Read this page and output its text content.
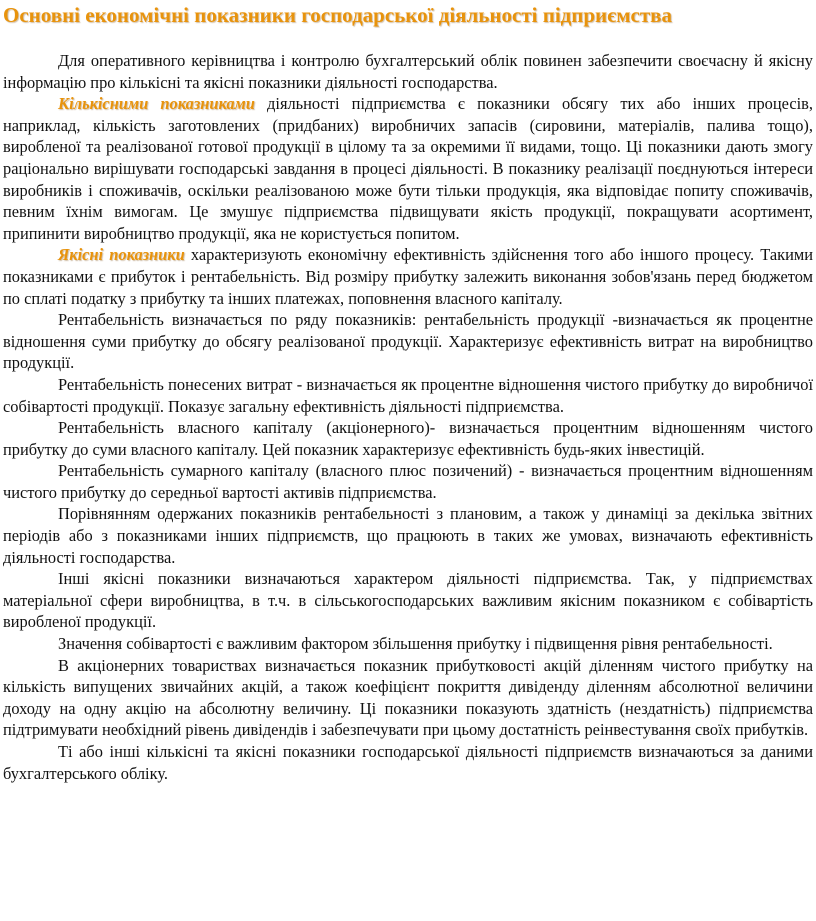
Основні економічні показники господарської діяльності підприємства

Для оперативного керівництва і контролю бухгалтерський облік повинен забезпечити своєчасну й якісну інформацію про кількісні та якісні показники діяльності господарства.

Кількісними показниками діяльності підприємства є показники обсягу тих або інших процесів, наприклад, кількість заготовлених (придбаних) виробничих запасів (сировини, матеріалів, палива тощо), виробленої та реалізованої готової продукції в цілому та за окремими її видами, тощо. Ці показники дають змогу раціонально вирішувати господарські завдання в процесі діяльності. В показнику реалізації поєднуються інтереси виробників і споживачів, оскільки реалізованою може бути тільки продукція, яка відповідає попиту споживачів, певним їхнім вимогам. Це змушує підприємства підвищувати якість продукції, покращувати асортимент, припинити виробництво продукції, яка не користується попитом.

Якісні показники характеризують економічну ефективність здійснення того або іншого процесу. Такими показниками є прибуток і рентабельність. Від розміру прибутку залежить виконання зобов'язань перед бюджетом по сплаті податку з прибутку та інших платежах, поповнення власного капіталу.

Рентабельність визначається по ряду показників: рентабельність продукції -визначається як процентне відношення суми прибутку до обсягу реалізованої продукції. Характеризує ефективність витрат на виробництво продукції.

Рентабельність понесених витрат - визначається як процентне відношення чистого прибутку до виробничої собівартості продукції. Показує загальну ефективність діяльності підприємства.

Рентабельність власного капіталу (акціонерного)- визначається процентним відношенням чистого прибутку до суми власного капіталу. Цей показник характеризує ефективність будь-яких інвестицій.

Рентабельність сумарного капіталу (власного плюс позичений) - визначається процентним відношенням чистого прибутку до середньої вартості активів підприємства.

Порівнянням одержаних показників рентабельності з плановим, а також у динаміці за декілька звітних періодів або з показниками інших підприємств, що працюють в таких же умовах, визначають ефективність діяльності господарства.

Інші якісні показники визначаються характером діяльності підприємства. Так, у підприємствах матеріальної сфери виробництва, в т.ч. в сільськогосподарських важливим якісним показником є собівартість виробленої продукції.

Значення собівартості є важливим фактором збільшення прибутку і підвищення рівня рентабельності.

В акціонерних товариствах визначається показник прибутковості акцій діленням чистого прибутку на кількість випущених звичайних акцій, а також коефіцієнт покриття дивіденду діленням абсолютної величини доходу на одну акцію на абсолютну величину. Ці показники показують здатність (нездатність) підприємства підтримувати необхідний рівень дивідендів і забезпечувати при цьому достатність реінвестування своїх прибутків.

Ті або інші кількісні та якісні показники господарської діяльності підприємств визначаються за даними бухгалтерського обліку.
